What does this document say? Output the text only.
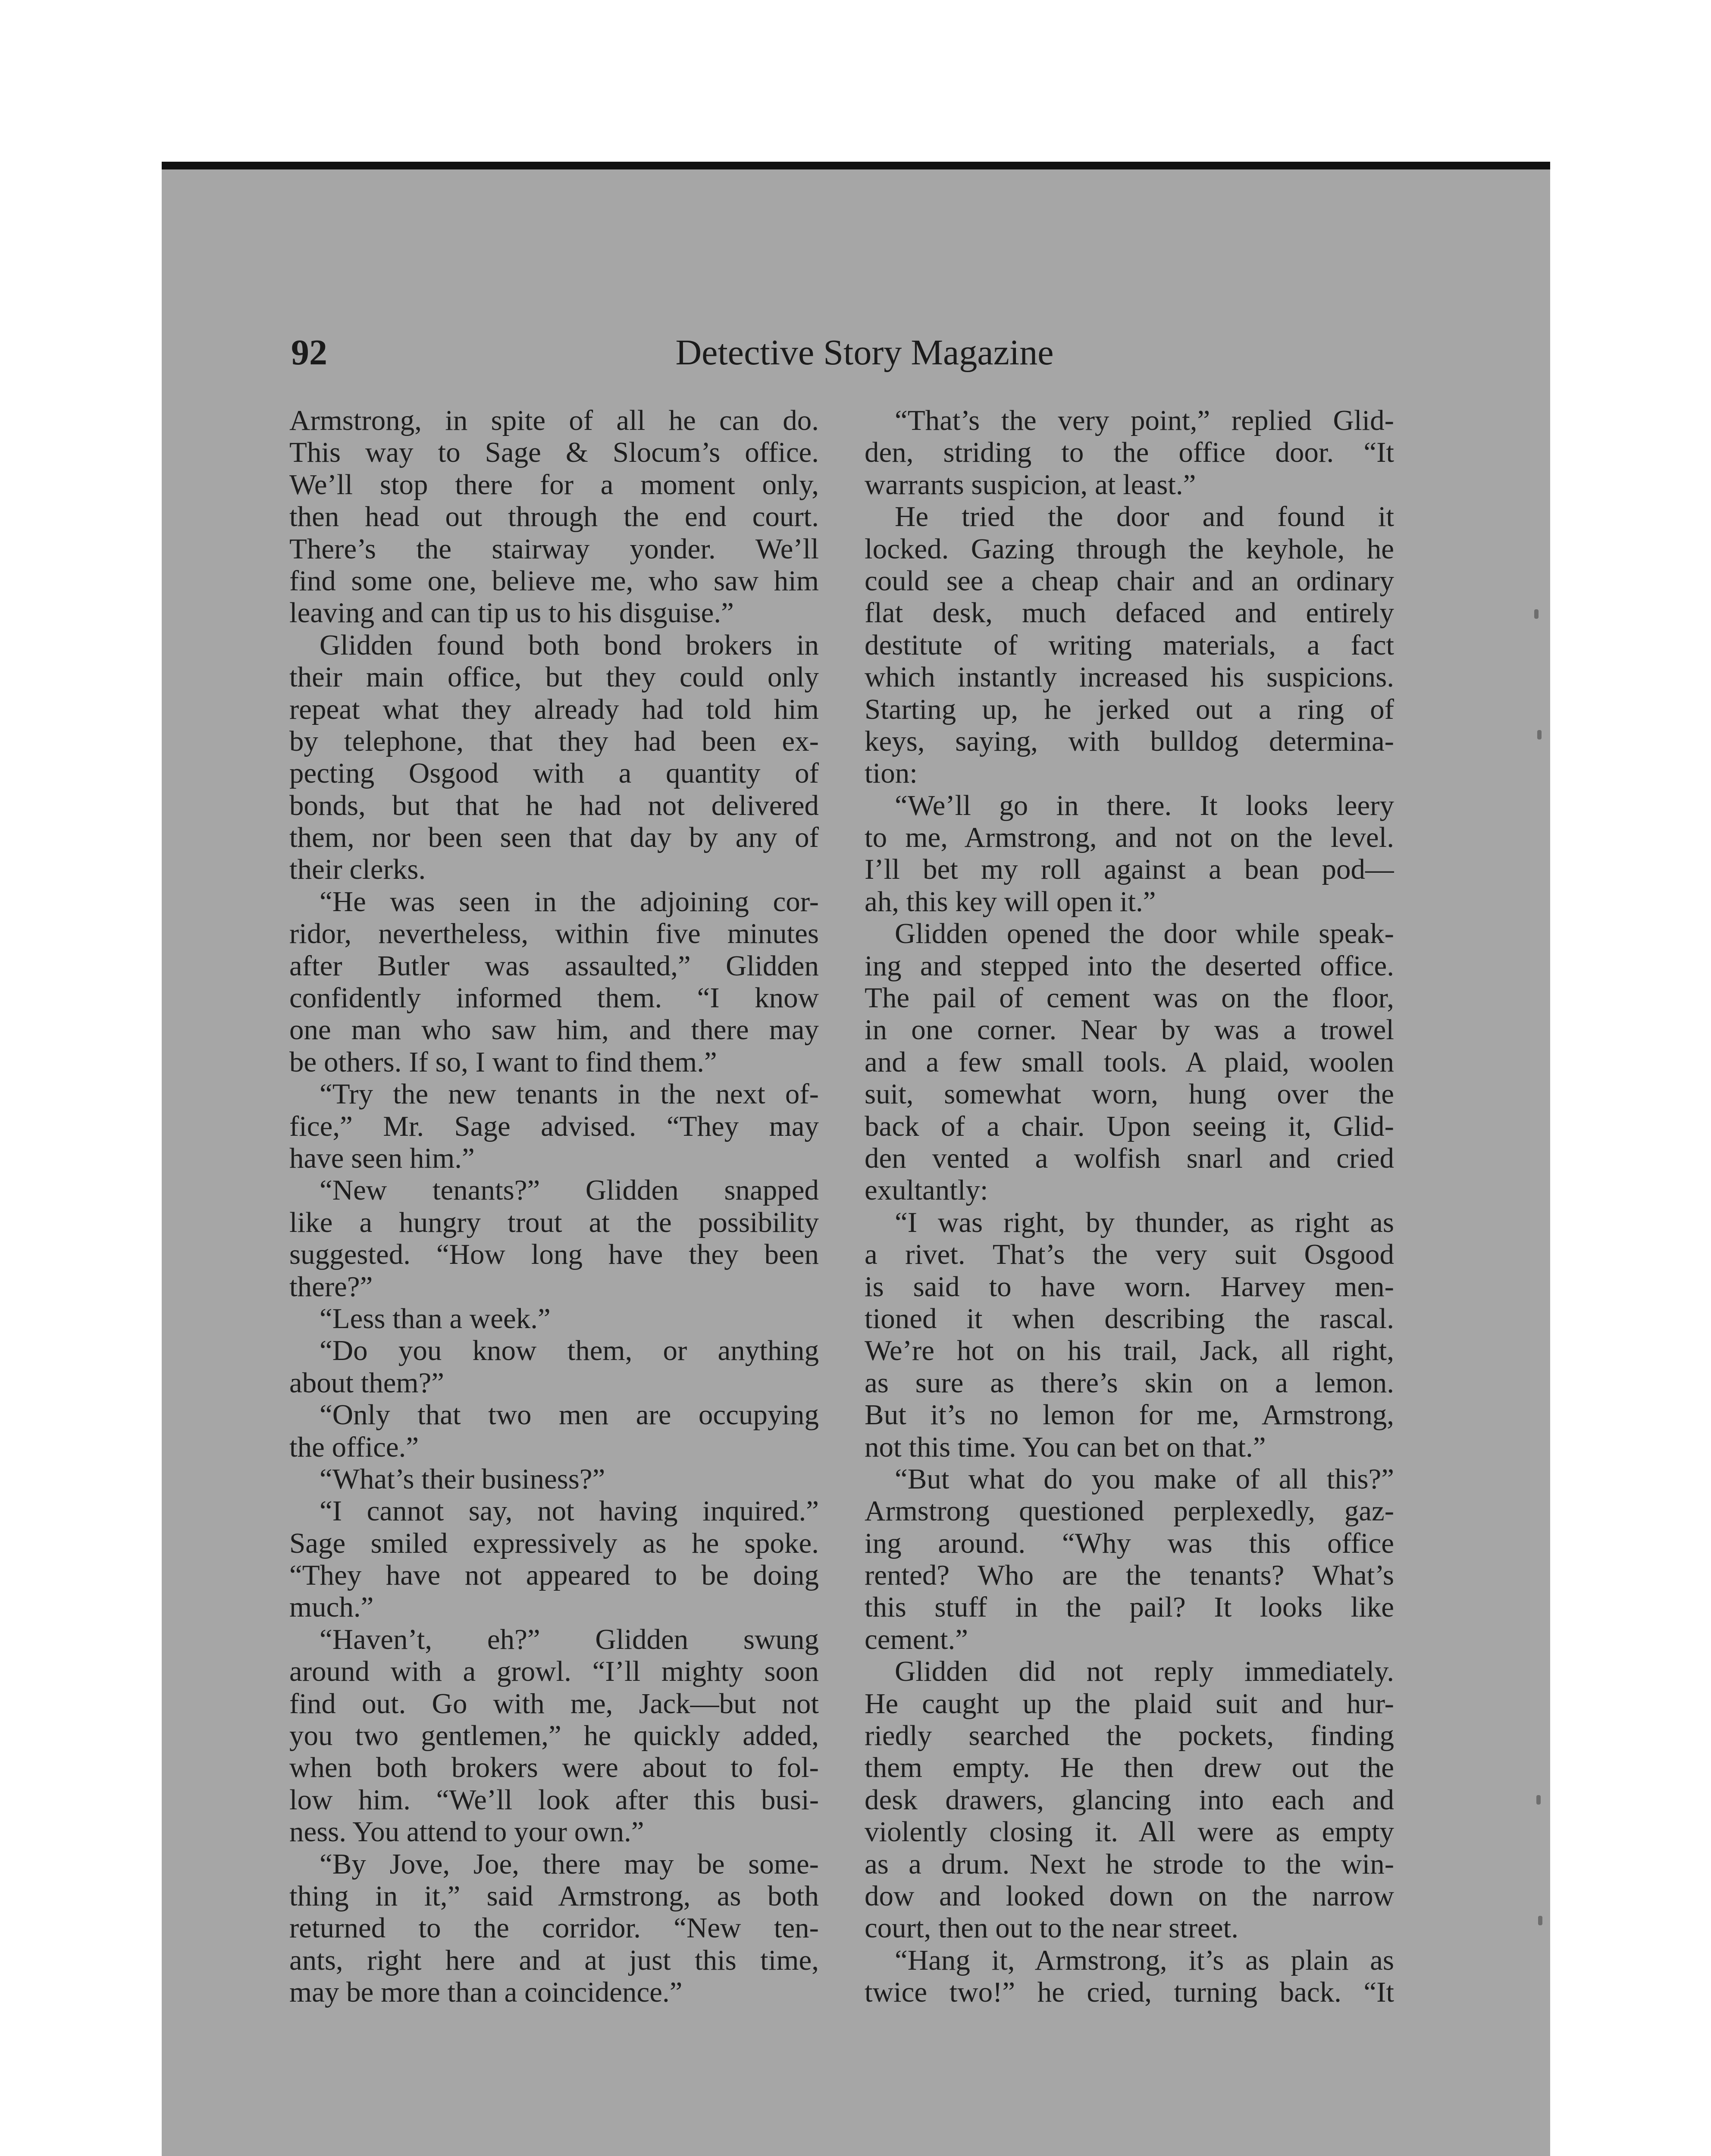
92	Detective Story Magazine
Armstrong, in spite of all he can do.
This way to Sage & Slocum’s office.
We’ll stop there for a moment only,
then head out through the end court.
There’s the stairway yonder. We’ll
find some one, believe me, who saw him
leaving and can tip us to his disguise.”
Glidden found both bond brokers in
their main office, but they could only
repeat what they already had told him
by telephone, that they had been ex-
pecting Osgood with a quantity of
bonds, but that he had not delivered
them, nor been seen that day by any of
their clerks.
“He was seen in the adjoining cor-
ridor, nevertheless, within five minutes
after Butler was assaulted,” Glidden
confidently informed them. “I know
one man who saw him, and there may
be others. If so, I want to find them.”
“Try the new tenants in the next of-
fice,” Mr. Sage advised. “They may
have seen him.”
“New tenants?” Glidden snapped
like a hungry trout at the possibility
suggested. “How long have they been
there?”
“Less than a week.”
“Do you know them, or anything
about them?”
“Only that two men are occupying
the office.”
“What’s their business?”
“I cannot say, not having inquired.”
Sage smiled expressively as he spoke.
“They have not appeared to be doing
much.”
“Haven’t, eh?” Glidden swung
around with a growl. “I’ll mighty soon
find out. Go with me, Jack—but not
you two gentlemen,” he quickly added,
when both brokers were about to fol-
low him. “We’ll look after this busi-
ness. You attend to your own.”
“By Jove, Joe, there may be some-
thing in it,” said Armstrong, as both
returned to the corridor. “New ten-
ants, right here and at just this time,
may be more than a coincidence.”
“That’s the very point,” replied Glid-
den, striding to the office door. “It
warrants suspicion, at least.”
He tried the door and found it
locked. Gazing through the keyhole, he
could see a cheap chair and an ordinary
flat desk, much defaced and entirely
destitute of writing materials, a fact
which instantly increased his suspicions.
Starting up, he jerked out a ring of
keys, saying, with bulldog determina-
tion:
“We’ll go in there. It looks leery
to me, Armstrong, and not on the level.
I’ll bet my roll against a bean pod—
ah, this key will open it.”
Glidden opened the door while speak-
ing and stepped into the deserted office.
The pail of cement was on the floor,
in one corner. Near by was a trowel
and a few small tools. A plaid, woolen
suit, somewhat worn, hung over the
back of a chair. Upon seeing it, Glid-
den vented a wolfish snarl and cried
exultantly:
“I was right, by thunder, as right as
a rivet. That’s the very suit Osgood
is said to have worn. Harvey men-
tioned it when describing the rascal.
We’re hot on his trail, Jack, all right,
as sure as there’s skin on a lemon.
But it’s no lemon for me, Armstrong,
not this time. You can bet on that.”
“But what do you make of all this?”
Armstrong questioned perplexedly, gaz-
ing around. “Why was this office
rented? Who are the tenants? What’s
this stuff in the pail? It looks like
cement.”
Glidden did not reply immediately.
He caught up the plaid suit and hur-
riedly searched the pockets, finding
them empty. He then drew out the
desk drawers, glancing into each and
violently closing it. All were as empty
as a drum. Next he strode to the win-
dow and looked down on the narrow
court, then out to the near street.
“Hang it, Armstrong, it’s as plain as
twice two!” he cried, turning back. “It
